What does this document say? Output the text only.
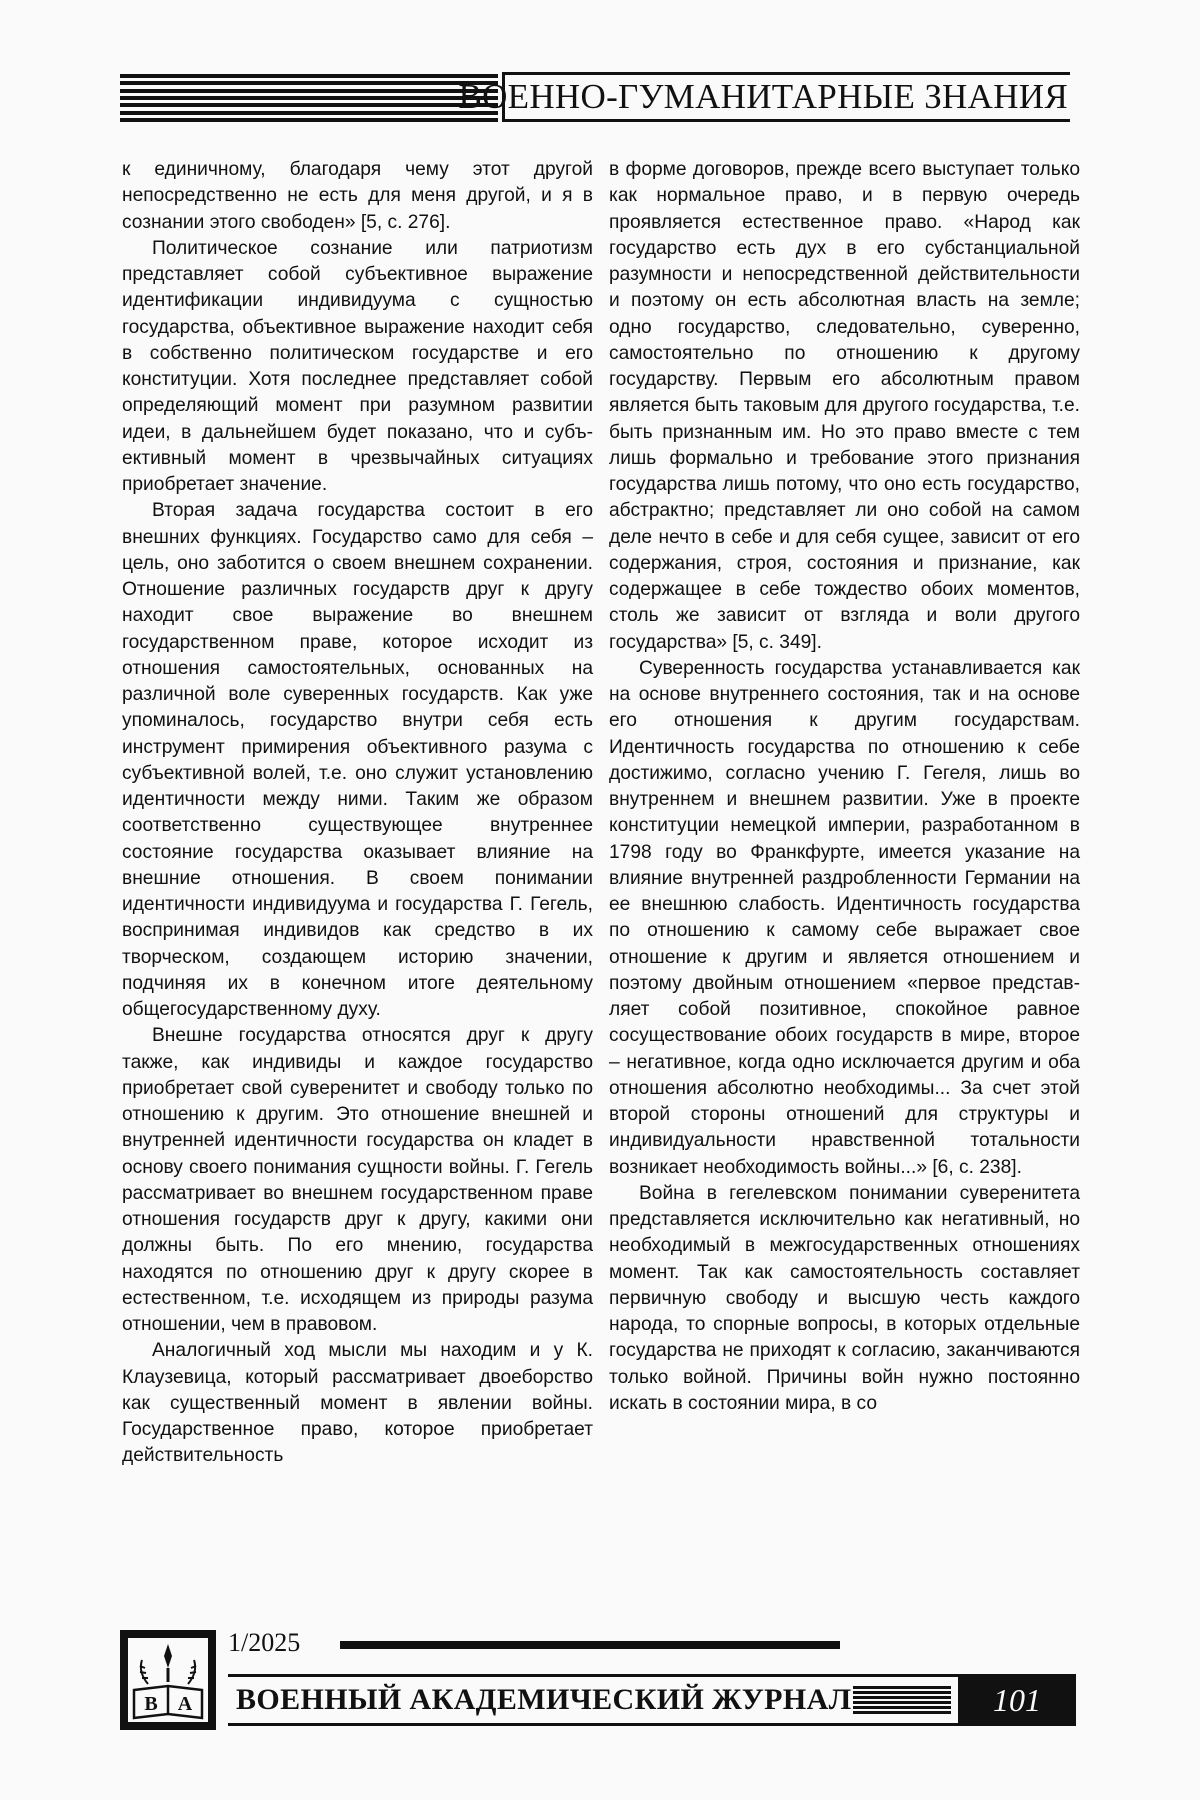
ВОЕННО-ГУМАНИТАРНЫЕ ЗНАНИЯ

к единичному, благодаря чему этот другой непосредственно не есть для меня другой, и я в сознании этого свободен» [5, с. 276].

Политическое сознание или патриотизм представляет собой субъективное выражение идентификации индивидуума с сущностью государства, объективное выражение находит себя в собственно политическом государстве и его конституции. Хотя последнее представляет собой определяющий момент при разумном развитии идеи, в дальнейшем будет показано, что и субъективный момент в чрезвычайных ситуациях приобретает значение.

Вторая задача государства состоит в его внешних функциях. Государство само для себя – цель, оно заботится о своем внешнем сохранении. Отношение различных государств друг к другу находит свое выражение во внешнем государственном праве, которое исходит из отношения самостоятельных, основанных на различной воле суверенных государств. Как уже упоминалось, государство внутри себя есть инструмент примирения объективного разума с субъективной волей, т.е. оно служит установлению идентичности между ними. Таким же образом соответственно существующее внутреннее состояние государства оказывает влияние на внешние отношения. В своем понимании идентичности индивидуума и государства Г. Гегель, воспринимая индивидов как средство в их творческом, создающем историю значении, подчиняя их в конечном итоге деятельному общегосударственному духу.

Внешне государства относятся друг к другу также, как индивиды и каждое государство приобретает свой суверенитет и свободу только по отношению к другим. Это отношение внешней и внутренней идентичности государства он кладет в основу своего понимания сущности войны. Г. Гегель рассматривает во внешнем государственном праве отношения государств друг к другу, какими они должны быть. По его мнению, государства находятся по отношению друг к другу скорее в естественном, т.е. исходящем из природы разума отношении, чем в правовом.

Аналогичный ход мысли мы находим и у К. Клаузевица, который рассматривает двоеборство как существенный момент в явлении войны. Государственное право, которое приобретает действительность

в форме договоров, прежде всего выступает только как нормальное право, и в первую очередь проявляется естественное право. «Народ как государство есть дух в его субстанциальной разумности и непосредственной действительности и поэтому он есть абсолютная власть на земле; одно государство, следовательно, суверенно, самостоятельно по отношению к другому государству. Первым его абсолютным правом является быть таковым для другого государства, т.е. быть признанным им. Но это право вместе с тем лишь формально и требование этого признания государства лишь потому, что оно есть государство, абстрактно; представляет ли оно собой на самом деле нечто в себе и для себя сущее, зависит от его содержания, строя, состояния и признание, как содержащее в себе тождество обоих моментов, столь же зависит от взгляда и воли другого государства» [5, с. 349].

Суверенность государства устанавливается как на основе внутреннего состояния, так и на основе его отношения к другим государствам. Идентичность государства по отношению к себе достижимо, согласно учению Г. Гегеля, лишь во внутреннем и внешнем развитии. Уже в проекте конституции немецкой империи, разработанном в 1798 году во Франкфурте, имеется указание на влияние внутренней раздробленности Германии на ее внешнюю слабость. Идентичность государства по отношению к самому себе выражает свое отношение к другим и является отношением и поэтому двойным отношением «первое представляет собой позитивное, спокойное равное сосуществование обоих государств в мире, второе – негативное, когда одно исключается другим и оба отношения абсолютно необходимы... За счет этой второй стороны отношений для структуры и индивидуальности нравственной тотальности возникает необходимость войны...» [6, с. 238].

Война в гегелевском понимании суверенитета представляется исключительно как негативный, но необходимый в межгосударственных отношениях момент. Так как самостоятельность составляет первичную свободу и высшую честь каждого народа, то спорные вопросы, в которых отдельные государства не приходят к согласию, заканчиваются только войной. Причины войн нужно постоянно искать в состоянии мира, в со

В А
1/2025
ВОЕННЫЙ АКАДЕМИЧЕСКИЙ ЖУРНАЛ	101
